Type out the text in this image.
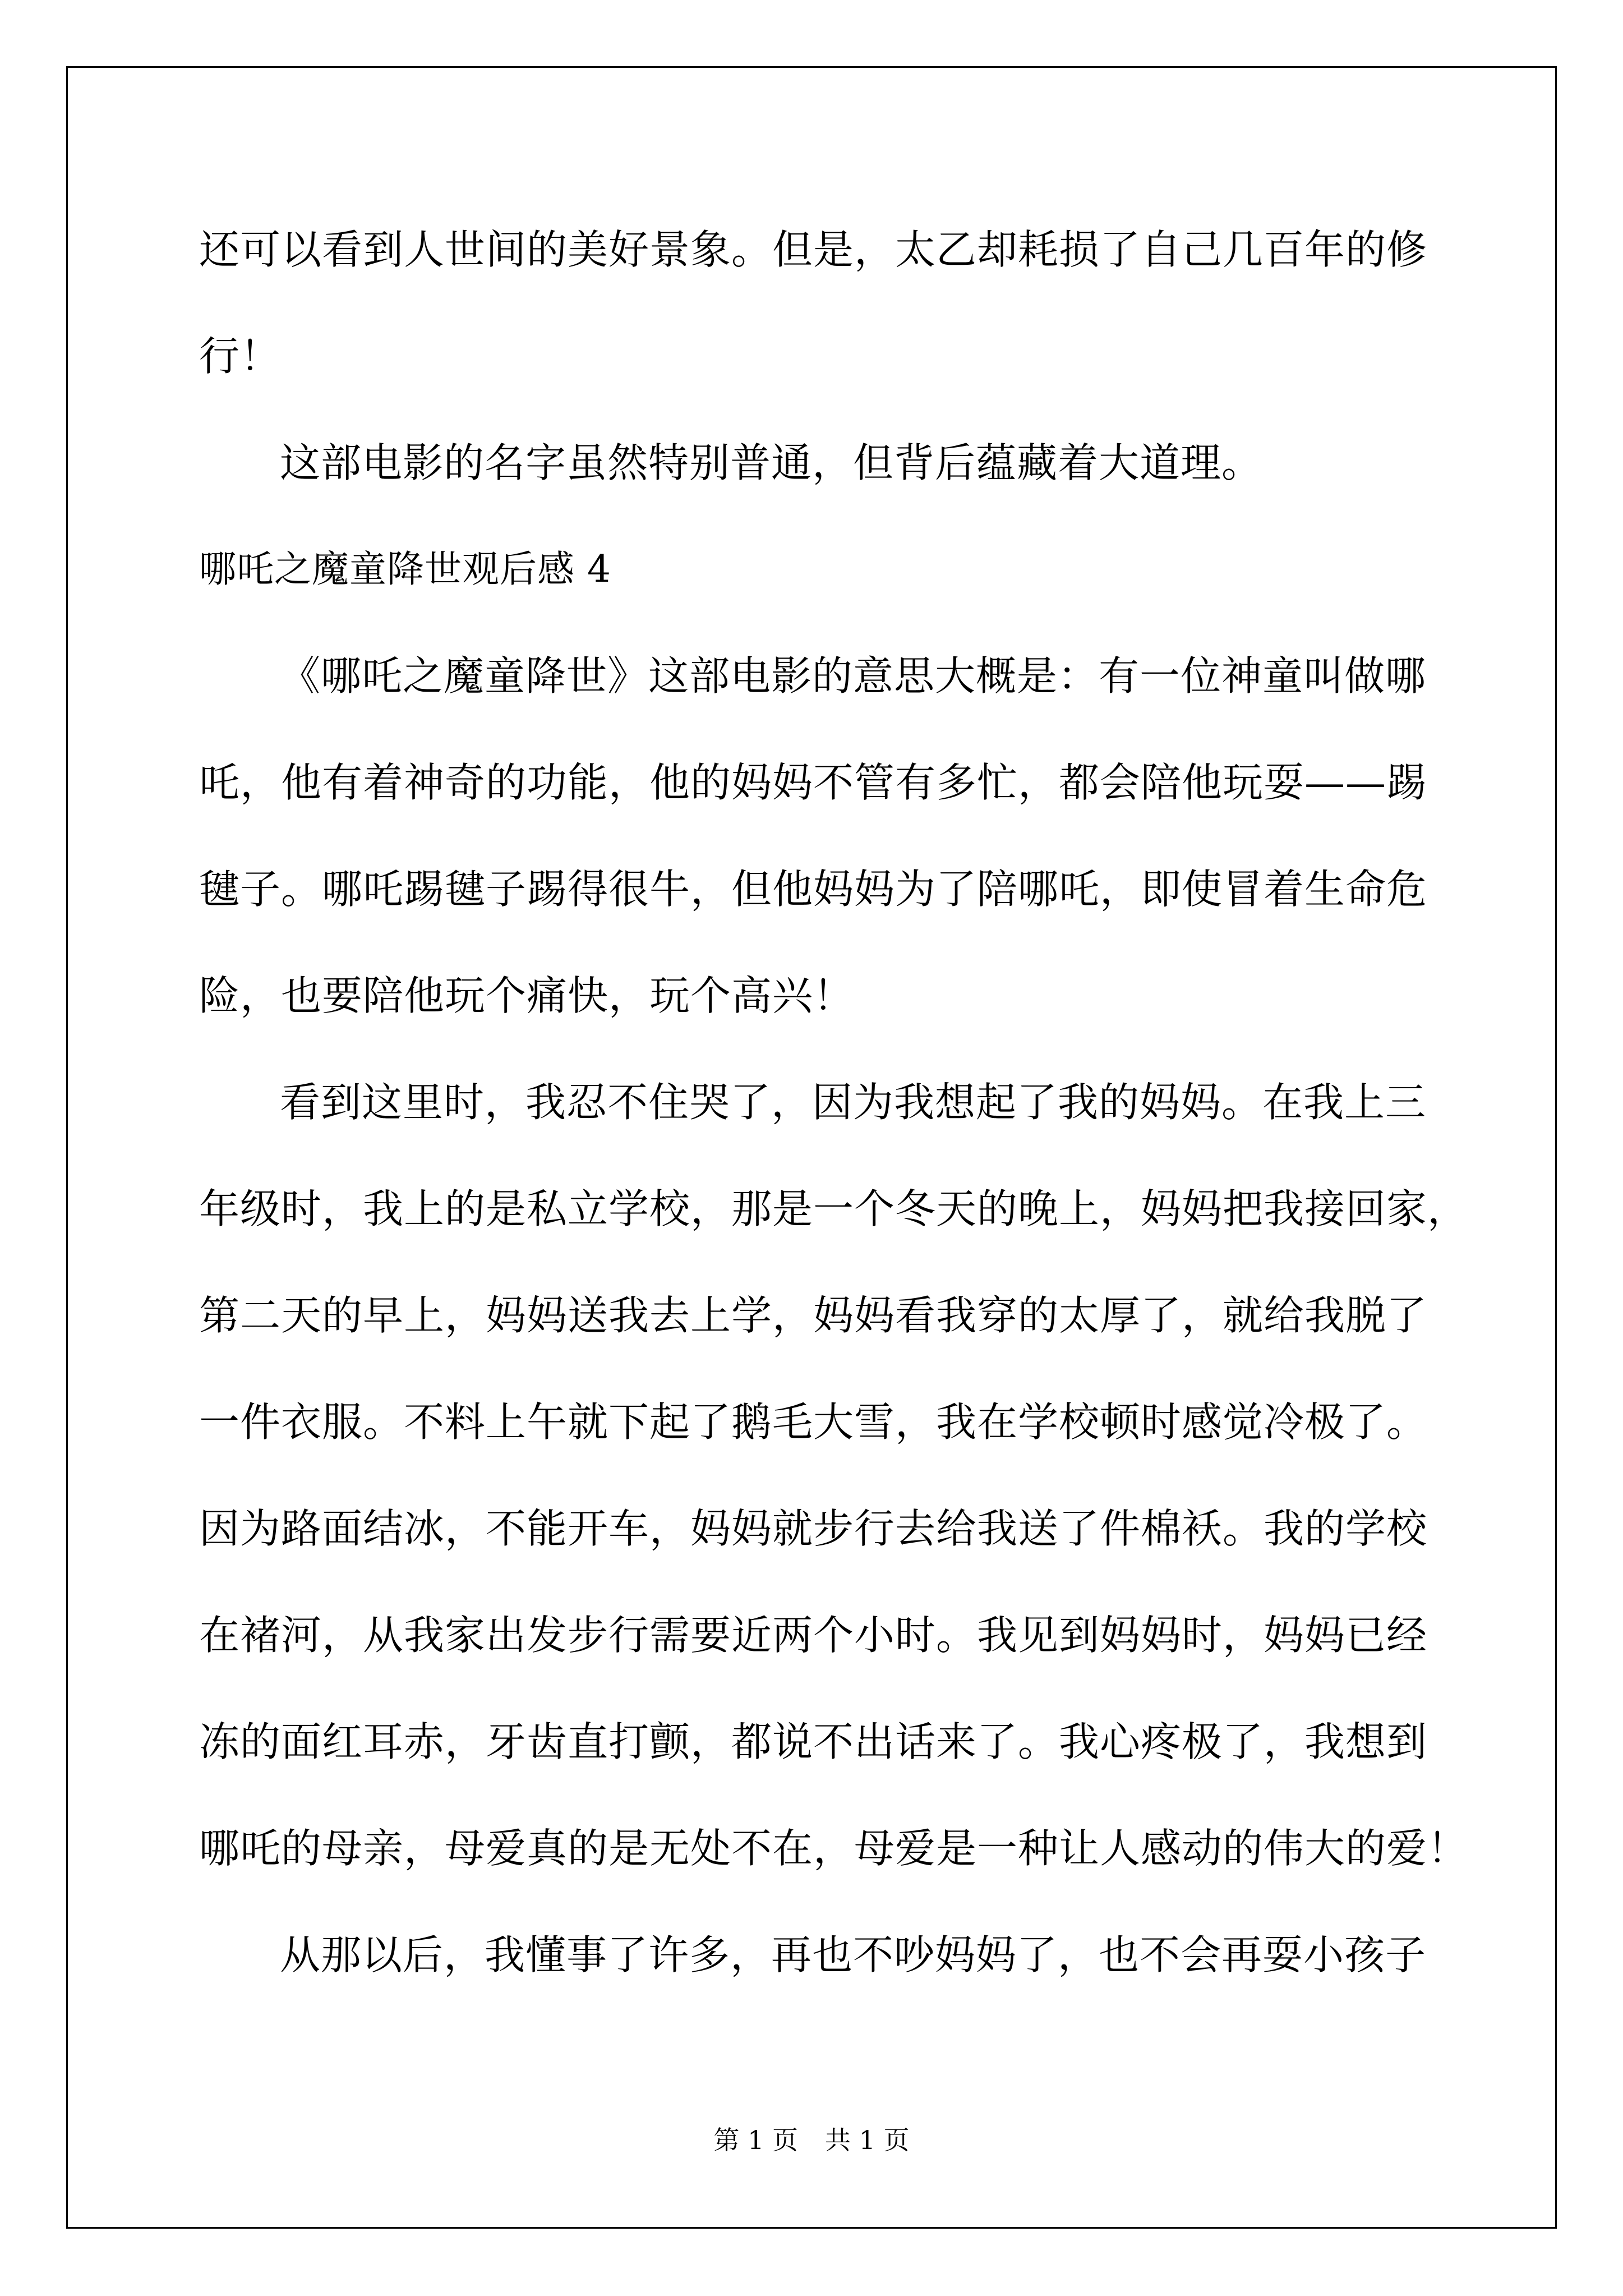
还可以看到人世间的美好景象。但是，太乙却耗损了自己几百年的修
行！
这部电影的名字虽然特别普通，但背后蕴藏着大道理。
哪吒之魔童降世观后感 4
《哪吒之魔童降世》这部电影的意思大概是：有一位神童叫做哪
吒，他有着神奇的功能，他的妈妈不管有多忙，都会陪他玩耍——踢
毽子。哪吒踢毽子踢得很牛，但他妈妈为了陪哪吒，即使冒着生命危
险，也要陪他玩个痛快，玩个高兴！
看到这里时，我忍不住哭了，因为我想起了我的妈妈。在我上三
年级时，我上的是私立学校，那是一个冬天的晚上，妈妈把我接回家，
第二天的早上，妈妈送我去上学，妈妈看我穿的太厚了，就给我脱了
一件衣服。不料上午就下起了鹅毛大雪，我在学校顿时感觉冷极了。
因为路面结冰，不能开车，妈妈就步行去给我送了件棉袄。我的学校
在褚河，从我家出发步行需要近两个小时。我见到妈妈时，妈妈已经
冻的面红耳赤，牙齿直打颤，都说不出话来了。我心疼极了，我想到
哪吒的母亲，母爱真的是无处不在，母爱是一种让人感动的伟大的爱！
从那以后，我懂事了许多，再也不吵妈妈了，也不会再耍小孩子
第 1 页 共 1 页
